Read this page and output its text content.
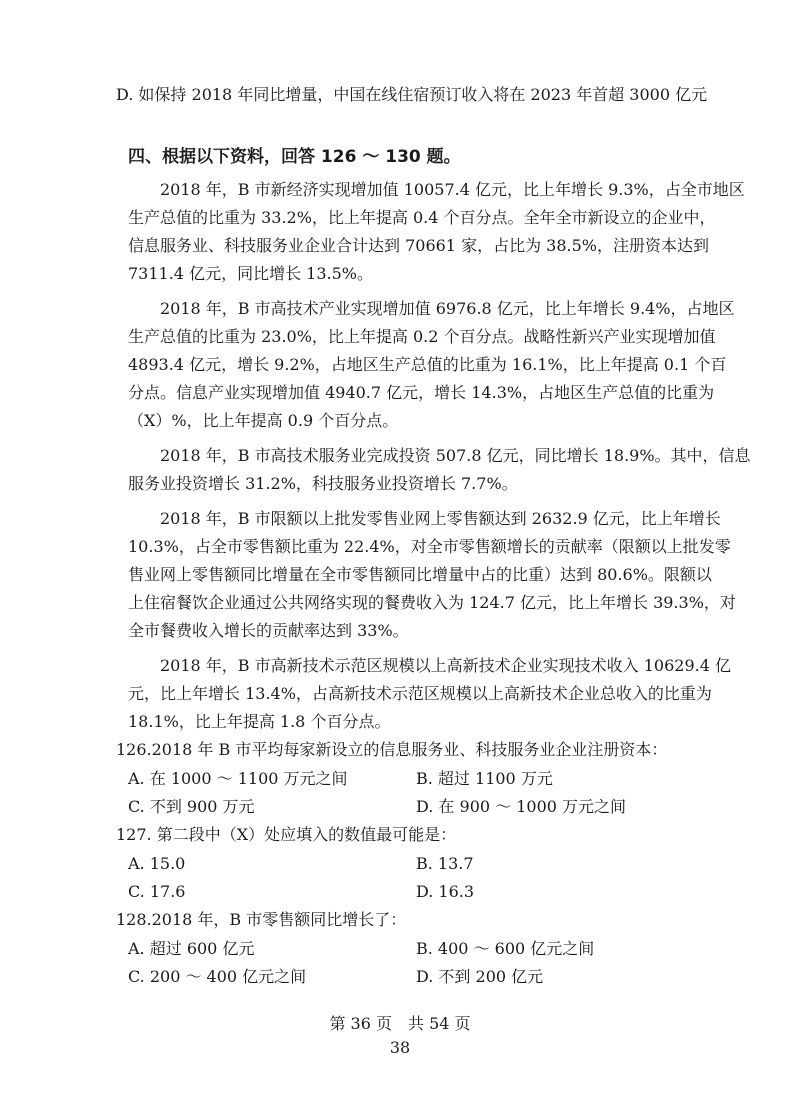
D. 如保持 2018 年同比增量，中国在线住宿预订收入将在 2023 年首超 3000 亿元
四、根据以下资料，回答 126 ～ 130 题。
　　2018 年，B 市新经济实现增加值 10057.4 亿元，比上年增长 9.3%，占全市地区
生产总值的比重为 33.2%，比上年提高 0.4 个百分点。全年全市新设立的企业中，
信息服务业、科技服务业企业合计达到 70661 家，占比为 38.5%，注册资本达到
7311.4 亿元，同比增长 13.5%。
　　2018 年，B 市高技术产业实现增加值 6976.8 亿元，比上年增长 9.4%，占地区
生产总值的比重为 23.0%，比上年提高 0.2 个百分点。战略性新兴产业实现增加值
4893.4 亿元，增长 9.2%，占地区生产总值的比重为 16.1%，比上年提高 0.1 个百
分点。信息产业实现增加值 4940.7 亿元，增长 14.3%，占地区生产总值的比重为
（X）%，比上年提高 0.9 个百分点。
　　2018 年，B 市高技术服务业完成投资 507.8 亿元，同比增长 18.9%。其中，信息
服务业投资增长 31.2%，科技服务业投资增长 7.7%。
　　2018 年，B 市限额以上批发零售业网上零售额达到 2632.9 亿元，比上年增长
10.3%，占全市零售额比重为 22.4%，对全市零售额增长的贡献率（限额以上批发零
售业网上零售额同比增量在全市零售额同比增量中占的比重）达到 80.6%。限额以
上住宿餐饮企业通过公共网络实现的餐费收入为 124.7 亿元，比上年增长 39.3%，对
全市餐费收入增长的贡献率达到 33%。
　　2018 年，B 市高新技术示范区规模以上高新技术企业实现技术收入 10629.4 亿
元，比上年增长 13.4%，占高新技术示范区规模以上高新技术企业总收入的比重为
18.1%，比上年提高 1.8 个百分点。
126.2018 年 B 市平均每家新设立的信息服务业、科技服务业企业注册资本：
A. 在 1000 ～ 1100 万元之间	B. 超过 1100 万元
C. 不到 900 万元	D. 在 900 ～ 1000 万元之间
127. 第二段中（X）处应填入的数值最可能是：
A. 15.0	B. 13.7
C. 17.6	D. 16.3
128.2018 年，B 市零售额同比增长了：
A. 超过 600 亿元	B. 400 ～ 600 亿元之间
C. 200 ～ 400 亿元之间	D. 不到 200 亿元
第 36 页　共 54 页
38
